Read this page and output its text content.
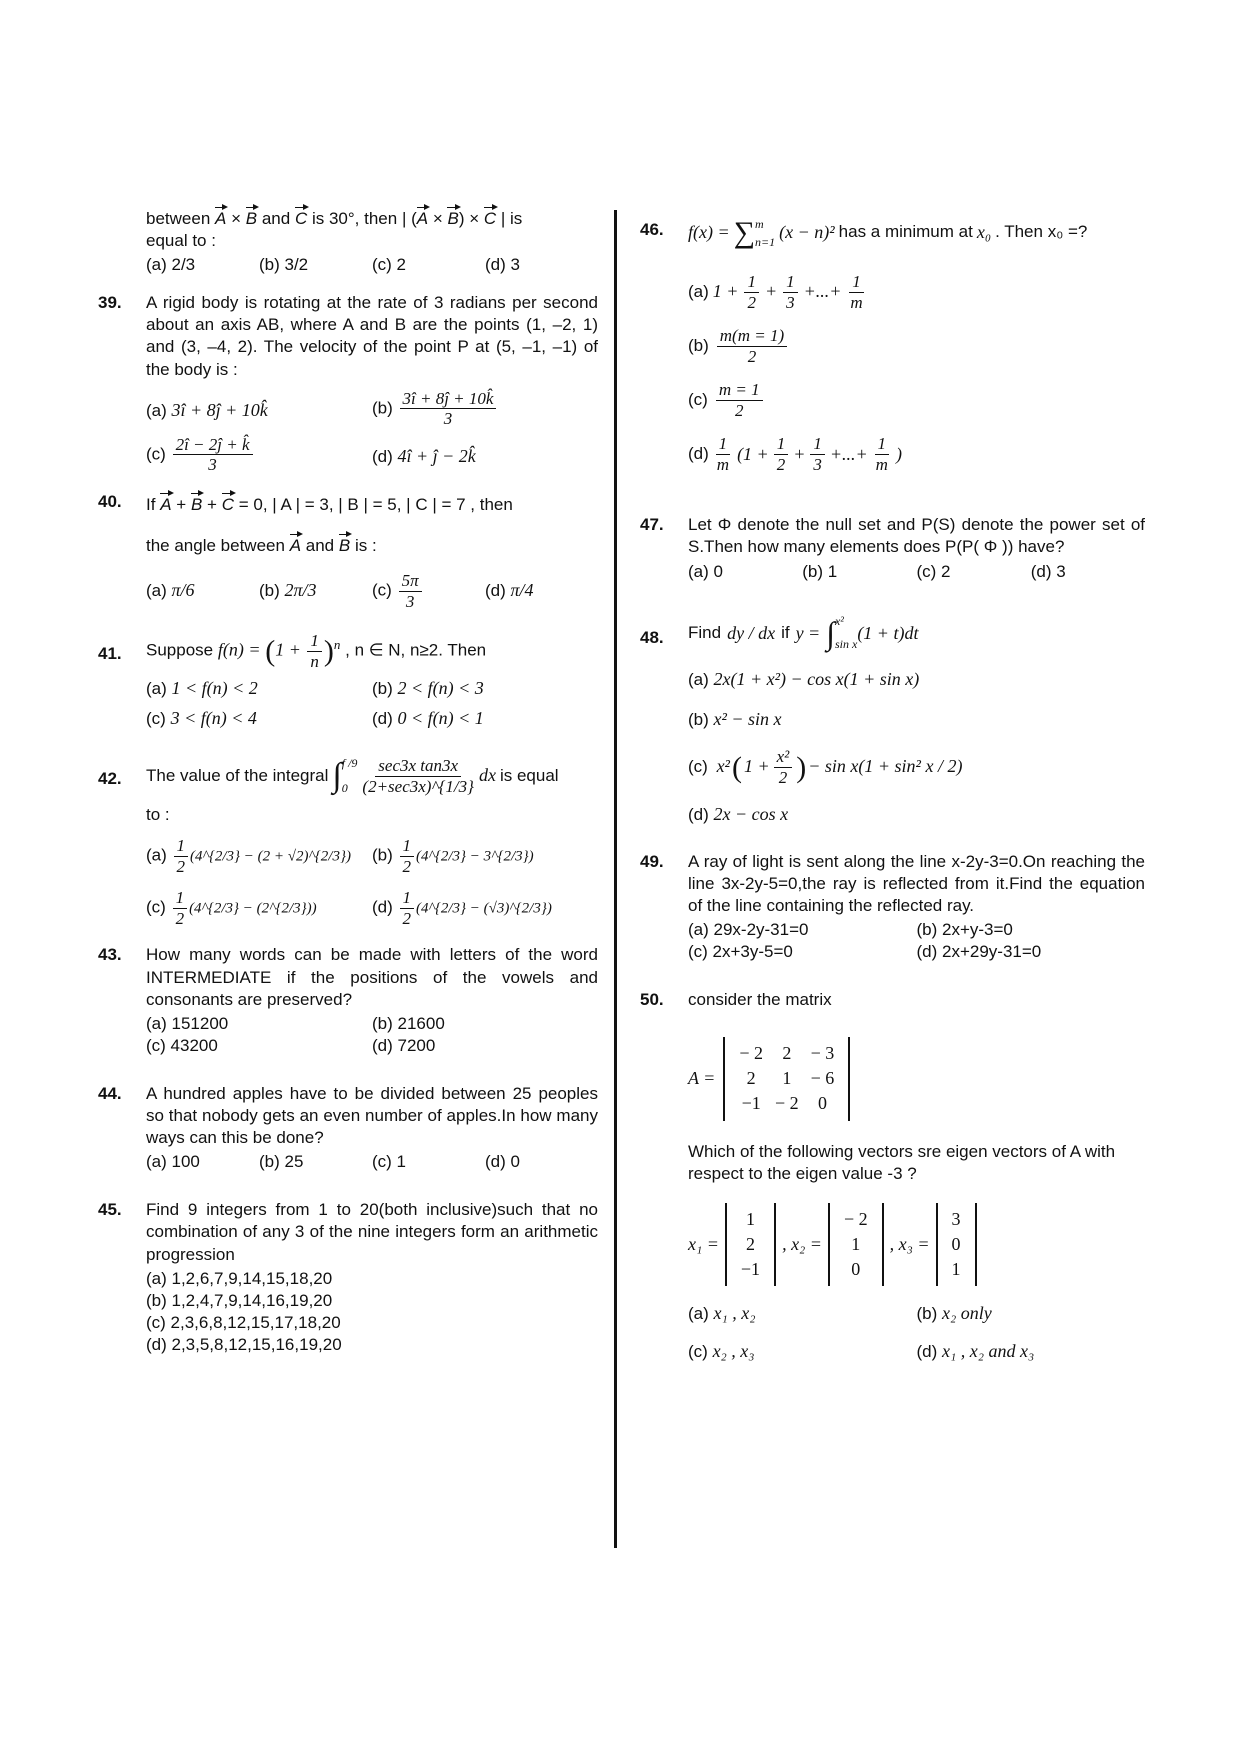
between A × B and C is 30°, then | (A × B) × C | is
equal to :
(a) 2/3	(b) 3/2	(c) 2	(d) 3
39. A rigid body is rotating at the rate of 3 radians per second about an axis AB, where A and B are the points (1, –2, 1) and (3, –4, 2). The velocity of the point P at (5, –1, –1) of the body is :
(a) 3î + 8ĵ + 10k̂	$(b) \frac{3î + 8ĵ + 10k̂}{3}$
$(c) \frac{2î - 2ĵ + k̂}{3}$	(d) 4î + ĵ − 2k̂
40. If A + B + C = 0, | A | = 3, | B | = 5, | C | = 7 , then
the angle between A and B is :
(a) π/6	(b) 2π/3	$(c) \frac{5\pi}{3}$	(d) π/4
41. Suppose $f(n) = (1 + \frac{1}{n} )^n$ , n ∈ N, n≥2. Then
(a) 1 < f(n) < 2	(b) 2 < f(n) < 3
(c) 3 < f(n) < 4	(d) 0 < f(n) < 1
42. The value of the integral ∫ f /9
$0 \frac{\text{sec3x tan3x}}{(2+\sec 3x)\^{}\{1/3\}}$ dx is equal
to :
$(a) \frac{1}{2}$ (4^{2/3} − (2 + √2)^{2/3})	$(b) \frac{1}{2}$ (4^{2/3} − 3^{2/3})
$(c) \frac{1}{2}$ (4^{2/3} − (2^{2/3}))	$(d) \frac{1}{2}$ (4^{2/3} − (√3)^{2/3})
43. How many words can be made with letters of the word INTERMEDIATE if the positions of the vowels and consonants are preserved?
(a) 151200	(b) 21600
(c) 43200	(d) 7200
44. A hundred apples have to be divided between 25 peoples so that nobody gets an even number of apples.In how many ways can this be done?
(a) 100	(b) 25	(c) 1	(d) 0
45. Find 9 integers from 1 to 20(both inclusive)such that no combination of any 3 of the nine integers form an arithmetic progression
(a) 1,2,6,7,9,14,15,18,20
(b) 1,2,4,7,9,14,16,19,20
(c) 2,3,6,8,12,15,17,18,20
(d) 2,3,5,8,12,15,16,19,20
46. f(x) = ∑ m
n=1 (x − n)² has a minimum at x₀ . Then x₀ =?
(a) $1 + \frac{1}{2} + \frac{1}{3}$ +...+ $\frac{1}{m}$
$(b) \frac{m(m = 1)}{2}$
$(c) \frac{m = 1}{2}$
$(d) \frac{1}{m} (1 + \frac{1}{2} + \frac{1}{3}$ +...+ $\frac{1}{m}$ )
47. Let Φ denote the null set and P(S) denote the power set of S.Then how many elements does P(P( Φ )) have?
(a) 0	(b) 1	(c) 2	(d) 3
48. Find dy / dx if y = ∫ x²
sin x
(1 + t)dt
(a) 2x(1 + x²) − cos x(1 + sin x)
(b) x² − sin x
(c)
x² ( $1 + \frac{\text{x²}}{2}$ ) − sin x(1 + sin² x / 2)
(d) 2x − cos x
49. A ray of light is sent along the line x-2y-3=0.On reaching the line 3x-2y-5=0,the ray is reflected from it.Find the equation of the line containing the reflected ray.
(a) 29x-2y-31=0	(b) 2x+y-3=0
(c) 2x+3y-5=0	(d) 2x+29y-31=0
50. consider the matrix
A =
− 2	2	− 3
2	1	− 6
−1	− 2	0
Which of the following vectors sre eigen vectors of A with respect to the eigen value -3 ?
x₁ =
1
2
−1
, x₂ =
− 2
1
0
, x₃ =
3
0
1
(a) x₁ , x₂	(b) x₂ only
(c) x₂ , x₃	(d) x₁ , x₂ and x₃
